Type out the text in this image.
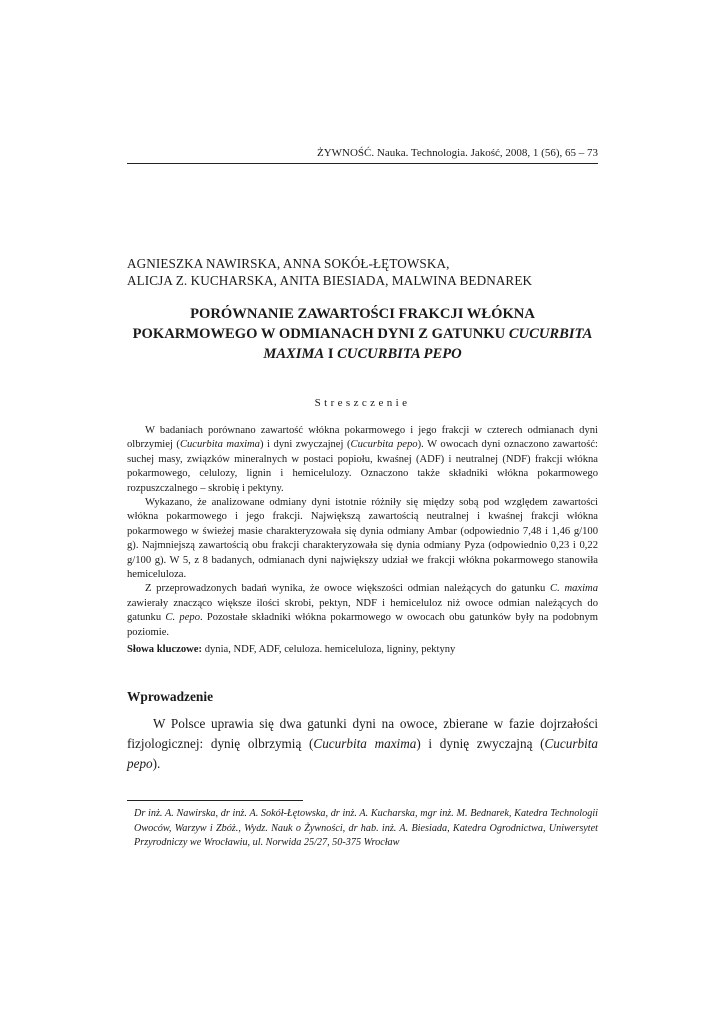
ŻYWNOŚĆ. Nauka. Technologia. Jakość, 2008, 1 (56), 65 – 73
AGNIESZKA NAWIRSKA, ANNA SOKÓŁ-ŁĘTOWSKA,
ALICJA Z. KUCHARSKA, ANITA BIESIADA, MALWINA BEDNAREK
PORÓWNANIE ZAWARTOŚCI FRAKCJI WŁÓKNA POKARMOWEGO W ODMIANACH DYNI Z GATUNKU CUCURBITA MAXIMA I CUCURBITA PEPO
Streszczenie

W badaniach porównano zawartość włókna pokarmowego i jego frakcji w czterech odmianach dyni olbrzymiej (Cucurbita maxima) i dyni zwyczajnej (Cucurbita pepo). W owocach dyni oznaczono zawartość: suchej masy, związków mineralnych w postaci popiołu, kwaśnej (ADF) i neutralnej (NDF) frakcji włókna pokarmowego, celulozy, lignin i hemicelulozy. Oznaczono także składniki włókna pokarmowego rozpuszczalnego – skrobię i pektyny.

Wykazano, że analizowane odmiany dyni istotnie różniły się między sobą pod względem zawartości włókna pokarmowego i jego frakcji. Największą zawartością neutralnej i kwaśnej frakcji włókna pokarmowego w świeżej masie charakteryzowała się dynia odmiany Ambar (odpowiednio 7,48 i 1,46 g/100 g). Najmniejszą zawartością obu frakcji charakteryzowała się dynia odmiany Pyza (odpowiednio 0,23 i 0,22 g/100 g). W 5, z 8 badanych, odmianach dyni największy udział we frakcji włókna pokarmowego stanowiła hemiceluloza.

Z przeprowadzonych badań wynika, że owoce większości odmian należących do gatunku C. maxima zawierały znacząco większe ilości skrobi, pektyn, NDF i hemiceluloz niż owoce odmian należących do gatunku C. pepo. Pozostałe składniki włókna pokarmowego w owocach obu gatunków były na podobnym poziomie.

Słowa kluczowe: dynia, NDF, ADF, celuloza. hemiceluloza, ligniny, pektyny
Wprowadzenie

W Polsce uprawia się dwa gatunki dyni na owoce, zbierane w fazie dojrzałości fizjologicznej: dynię olbrzymią (Cucurbita maxima) i dynię zwyczajną (Cucurbita pepo).

Dr inż. A. Nawirska, dr inż. A. Sokół-Łętowska, dr inż. A. Kucharska, mgr inż. M. Bednarek, Katedra Technologii Owoców, Warzyw i Zbóż., Wydz. Nauk o Żywności, dr hab. inż. A. Biesiada, Katedra Ogrodnictwa, Uniwersytet Przyrodniczy we Wrocławiu, ul. Norwida 25/27, 50-375 Wrocław
